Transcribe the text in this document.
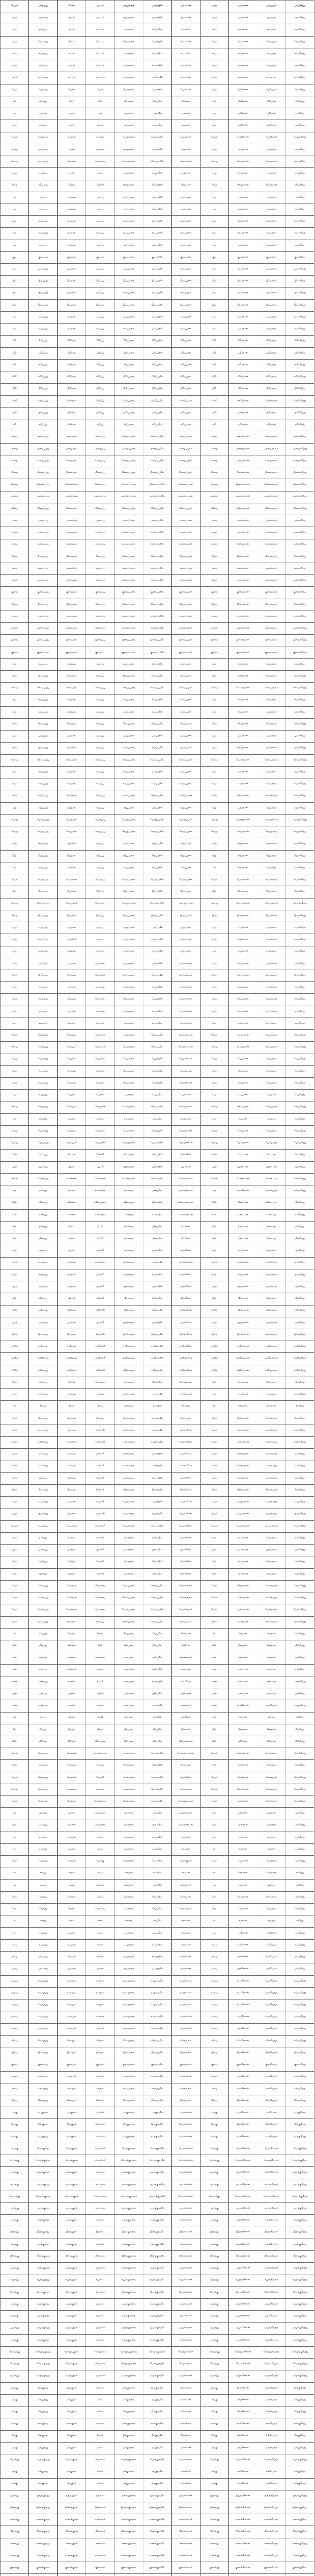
பெயர்	பாடுவது	சொல்	பாடல்	பாடுவதை	பாடுவதில்	பாடல்கள்	பாடு	பாடினான்	பாடியவர்	பாடுகிறது
ஆடு	ஆடுவது	ஆடல்	ஆட்டம்	ஆடுவதை	ஆடுவதில்	ஆடல்கள்	ஆடு	ஆடினான்	ஆடியவர்	ஆடுகிறது
ஓடு	ஓடுவது	ஓடல்	ஓட்டம்	ஓடுவதை	ஓடுவதில்	ஓடல்கள்	ஓடு	ஓடினான்	ஓடியவர்	ஓடுகிறது
தேடு	தேடுவது	தேடல்	தேட்டம்	தேடுவதை	தேடுவதில்	தேடல்கள்	தேடு	தேடினான்	தேடியவர்	தேடுகிறது
கூடு	கூடுவது	கூடல்	கூட்டம்	கூடுவதை	கூடுவதில்	கூடல்கள்	கூடு	கூடினான்	கூடியவர்	கூடுகிறது
நாடு	நாடுவது	நாடல்	நாட்டம்	நாடுவதை	நாடுவதில்	நாடல்கள்	நாடு	நாடினான்	நாடியவர்	நாடுகிறது
வாடு	வாடுவது	வாடல்	வாட்டம்	வாடுவதை	வாடுவதில்	வாடல்கள்	வாடு	வாடினான்	வாடியவர்	வாடுகிறது
பேசு	பேசுவது	பேசல்	பேச்சு	பேசுவதை	பேசுவதில்	பேசல்கள்	பேசு	பேசினான்	பேசியவர்	பேசுகிறது
வீசு	வீசுவது	வீசல்	வீச்சு	வீசுவதை	வீசுவதில்	வீசல்கள்	வீசு	வீசினான்	வீசியவர்	வீசுகிறது
பூசு	பூசுவது	பூசல்	பூச்சு	பூசுவதை	பூசுவதில்	பூசல்கள்	பூசு	பூசினான்	பூசியவர்	பூசுகிறது
கூசு	கூசுவது	கூசல்	கூச்சம்	கூசுவதை	கூசுவதில்	கூசல்கள்	கூசு	கூசினான்	கூசியவர்	கூசுகிறது
எழுது	எழுதுவது	எழுதல்	எழுத்து	எழுதுவதை	எழுதுவதில்	எழுதல்கள்	எழுது	எழுதினான்	எழுதியவர்	எழுதுகிறது
அழுது	அழுவது	அழல்	அழுகை	அழுவதை	அழுவதில்	அழல்கள்	அழு	அழுதான்	அழுதவர்	அழுகிறது
தொழு	தொழுவது	தொழல்	தொழுகை	தொழுவதை	தொழுவதில்	தொழல்கள்	தொழு	தொழுதான்	தொழுதவர்	தொழுகிறது
உழு	உழுவது	உழல்	உழவு	உழுவதை	உழுவதில்	உழல்கள்	உழு	உழுதான்	உழுதவர்	உழுகிறது
விழு	விழுவது	விழல்	வீழ்ச்சி	விழுவதை	விழுவதில்	விழல்கள்	விழு	விழுந்தான்	விழுந்தவர்	விழுகிறது
படி	படிப்பது	படித்தல்	படிப்பு	படிப்பதை	படிப்பதில்	படிப்புகள்	படி	படித்தான்	படித்தவர்	படிக்கிறது
நடி	நடிப்பது	நடித்தல்	நடிப்பு	நடிப்பதை	நடிப்பதில்	நடிப்புகள்	நடி	நடித்தான்	நடித்தவர்	நடிக்கிறது
துடி	துடிப்பது	துடித்தல்	துடிப்பு	துடிப்பதை	துடிப்பதில்	துடிப்புகள்	துடி	துடித்தான்	துடித்தவர்	துடிக்கிறது
வடி	வடிப்பது	வடித்தல்	வடிப்பு	வடிப்பதை	வடிப்பதில்	வடிப்புகள்	வடி	வடித்தான்	வடித்தவர்	வடிக்கிறது
கடி	கடிப்பது	கடித்தல்	கடிப்பு	கடிப்பதை	கடிப்பதில்	கடிப்புகள்	கடி	கடித்தான்	கடித்தவர்	கடிக்கிறது
குடி	குடிப்பது	குடித்தல்	குடிப்பு	குடிப்பதை	குடிப்பதில்	குடிப்புகள்	குடி	குடித்தான்	குடித்தவர்	குடிக்கிறது
முடி	முடிப்பது	முடித்தல்	முடிப்பு	முடிப்பதை	முடிப்பதில்	முடிப்புகள்	முடி	முடித்தான்	முடித்தவர்	முடிக்கிறது
பிடி	பிடிப்பது	பிடித்தல்	பிடிப்பு	பிடிப்பதை	பிடிப்பதில்	பிடிப்புகள்	பிடி	பிடித்தான்	பிடித்தவர்	பிடிக்கிறது
அடி	அடிப்பது	அடித்தல்	அடிப்பு	அடிப்பதை	அடிப்பதில்	அடிப்புகள்	அடி	அடித்தான்	அடித்தவர்	அடிக்கிறது
இடி	இடிப்பது	இடித்தல்	இடிப்பு	இடிப்பதை	இடிப்பதில்	இடிப்புகள்	இடி	இடித்தான்	இடித்தவர்	இடிக்கிறது
ஒடி	ஒடிப்பது	ஒடித்தல்	ஒடிப்பு	ஒடிப்பதை	ஒடிப்பதில்	ஒடிப்புகள்	ஒடி	ஒடித்தான்	ஒடித்தவர்	ஒடிக்கிறது
மடி	மடிப்பது	மடித்தல்	மடிப்பு	மடிப்பதை	மடிப்பதில்	மடிப்புகள்	மடி	மடித்தான்	மடித்தவர்	மடிக்கிறது
சிரி	சிரிப்பது	சிரித்தல்	சிரிப்பு	சிரிப்பதை	சிரிப்பதில்	சிரிப்புகள்	சிரி	சிரித்தான்	சிரித்தவர்	சிரிக்கிறது
பறி	பறிப்பது	பறித்தல்	பறிப்பு	பறிப்பதை	பறிப்பதில்	பறிப்புகள்	பறி	பறித்தான்	பறித்தவர்	பறிக்கிறது
எரி	எரிப்பது	எரித்தல்	எரிப்பு	எரிப்பதை	எரிப்பதில்	எரிப்புகள்	எரி	எரித்தான்	எரித்தவர்	எரிக்கிறது
விரி	விரிப்பது	விரித்தல்	விரிப்பு	விரிப்பதை	விரிப்பதில்	விரிப்புகள்	விரி	விரித்தான்	விரித்தவர்	விரிக்கிறது
பிரி	பிரிப்பது	பிரித்தல்	பிரிப்பு	பிரிப்பதை	பிரிப்பதில்	பிரிப்புகள்	பிரி	பிரித்தான்	பிரித்தவர்	பிரிக்கிறது
தெரி	தெரிப்பது	தெரித்தல்	தெரிப்பு	தெரிப்பதை	தெரிப்பதில்	தெரிப்புகள்	தெரி	தெரித்தான்	தெரித்தவர்	தெரிக்கிறது
அரி	அரிப்பது	அரித்தல்	அரிப்பு	அரிப்பதை	அரிப்பதில்	அரிப்புகள்	அரி	அரித்தான்	அரித்தவர்	அரிக்கிறது
கரி	கரிப்பது	கரித்தல்	கரிப்பு	கரிப்பதை	கரிப்பதில்	கரிப்புகள்	கரி	கரித்தான்	கரித்தவர்	கரிக்கிறது
சுவை	சுவைப்பது	சுவைத்தல்	சுவைப்பு	சுவைப்பதை	சுவைப்பதில்	சுவைப்புகள்	சுவை	சுவைத்தான்	சுவைத்தவர்	சுவைக்கிறது
அழை	அழைப்பது	அழைத்தல்	அழைப்பு	அழைப்பதை	அழைப்பதில்	அழைப்புகள்	அழை	அழைத்தான்	அழைத்தவர்	அழைக்கிறது
உழை	உழைப்பது	உழைத்தல்	உழைப்பு	உழைப்பதை	உழைப்பதில்	உழைப்புகள்	உழை	உழைத்தான்	உழைத்தவர்	உழைக்கிறது
நினை	நினைப்பது	நினைத்தல்	நினைப்பு	நினைப்பதை	நினைப்பதில்	நினைப்புகள்	நினை	நினைத்தான்	நினைத்தவர்	நினைக்கிறது
இணை	இணைப்பது	இணைத்தல்	இணைப்பு	இணைப்பதை	இணைப்பதில்	இணைப்புகள்	இணை	இணைத்தான்	இணைத்தவர்	இணைக்கிறது
அணை	அணைப்பது	அணைத்தல்	அணைப்பு	அணைப்பதை	அணைப்பதில்	அணைப்புகள்	அணை	அணைத்தான்	அணைத்தவர்	அணைக்கிறது
விதை	விதைப்பது	விதைத்தல்	விதைப்பு	விதைப்பதை	விதைப்பதில்	விதைப்புகள்	விதை	விதைத்தான்	விதைத்தவர்	விதைக்கிறது
புதை	புதைப்பது	புதைத்தல்	புதைப்பு	புதைப்பதை	புதைப்பதில்	புதைப்புகள்	புதை	புதைத்தான்	புதைத்தவர்	புதைக்கிறது
உதை	உதைப்பது	உதைத்தல்	உதைப்பு	உதைப்பதை	உதைப்பதில்	உதைப்புகள்	உதை	உதைத்தான்	உதைத்தவர்	உதைக்கிறது
வதை	வதைப்பது	வதைத்தல்	வதைப்பு	வதைப்பதை	வதைப்பதில்	வதைப்புகள்	வதை	வதைத்தான்	வதைத்தவர்	வதைக்கிறது
சிதை	சிதைப்பது	சிதைத்தல்	சிதைப்பு	சிதைப்பதை	சிதைப்பதில்	சிதைப்புகள்	சிதை	சிதைத்தான்	சிதைத்தவர்	சிதைக்கிறது
கதை	கதைப்பது	கதைத்தல்	கதைப்பு	கதைப்பதை	கதைப்பதில்	கதைப்புகள்	கதை	கதைத்தான்	கதைத்தவர்	கதைக்கிறது
மறை	மறைப்பது	மறைத்தல்	மறைப்பு	மறைப்பதை	மறைப்பதில்	மறைப்புகள்	மறை	மறைத்தான்	மறைத்தவர்	மறைக்கிறது
குறை	குறைப்பது	குறைத்தல்	குறைப்பு	குறைப்பதை	குறைப்பதில்	குறைப்புகள்	குறை	குறைத்தான்	குறைத்தவர்	குறைக்கிறது
நிறை	நிறைப்பது	நிறைத்தல்	நிறைப்பு	நிறைப்பதை	நிறைப்பதில்	நிறைப்புகள்	நிறை	நிறைத்தான்	நிறைத்தவர்	நிறைக்கிறது
உறை	உறைப்பது	உறைத்தல்	உறைப்பு	உறைப்பதை	உறைப்பதில்	உறைப்புகள்	உறை	உறைத்தான்	உறைத்தவர்	உறைக்கிறது
அறை	அறைப்பது	அறைத்தல்	அறைப்பு	அறைப்பதை	அறைப்பதில்	அறைப்புகள்	அறை	அறைத்தான்	அறைத்தவர்	அறைக்கிறது
துவை	துவைப்பது	துவைத்தல்	துவைப்பு	துவைப்பதை	துவைப்பதில்	துவைப்புகள்	துவை	துவைத்தான்	துவைத்தவர்	துவைக்கிறது
குவை	குவைப்பது	குவைத்தல்	குவைப்பு	குவைப்பதை	குவைப்பதில்	குவைப்புகள்	குவை	குவைத்தான்	குவைத்தவர்	குவைக்கிறது
தை	தைப்பது	தைத்தல்	தைப்பு	தைப்பதை	தைப்பதில்	தைப்புகள்	தை	தைத்தான்	தைத்தவர்	தைக்கிறது
வை	வைப்பது	வைத்தல்	வைப்பு	வைப்பதை	வைப்பதில்	வைப்புகள்	வை	வைத்தான்	வைத்தவர்	வைக்கிறது
கொடு	கொடுப்பது	கொடுத்தல்	கொடுப்பு	கொடுப்பதை	கொடுப்பதில்	கொடுப்புகள்	கொடு	கொடுத்தான்	கொடுத்தவர்	கொடுக்கிறது
எடு	எடுப்பது	எடுத்தல்	எடுப்பு	எடுப்பதை	எடுப்பதில்	எடுப்புகள்	எடு	எடுத்தான்	எடுத்தவர்	எடுக்கிறது
தடு	தடுப்பது	தடுத்தல்	தடுப்பு	தடுப்பதை	தடுப்பதில்	தடுப்புகள்	தடு	தடுத்தான்	தடுத்தவர்	தடுக்கிறது
விடு	விடுப்பது	விடுத்தல்	விடுப்பு	விடுப்பதை	விடுப்பதில்	விடுப்புகள்	விடு	விடுத்தான்	விடுத்தவர்	விடுக்கிறது
படு	படுப்பது	படுத்தல்	படுப்பு	படுப்பதை	படுப்பதில்	படுப்புகள்	படு	படுத்தான்	படுத்தவர்	படுக்கிறது
அடு	அடுப்பது	அடுத்தல்	அடுப்பு	அடுப்பதை	அடுப்பதில்	அடுப்புகள்	அடு	அடுத்தான்	அடுத்தவர்	அடுக்கிறது
தொடு	தொடுப்பது	தொடுத்தல்	தொடுப்பு	தொடுப்பதை	தொடுப்பதில்	தொடுப்புகள்	தொடு	தொடுத்தான்	தொடுத்தவர்	தொடுக்கிறது
மடு	மடுப்பது	மடுத்தல்	மடுப்பு	மடுப்பதை	மடுப்பதில்	மடுப்புகள்	மடு	மடுத்தான்	மடுத்தவர்	மடுக்கிறது
உடு	உடுப்பது	உடுத்தல்	உடுப்பு	உடுப்பதை	உடுப்பதில்	உடுப்புகள்	உடு	உடுத்தான்	உடுத்தவர்	உடுக்கிறது
கெடு	கெடுப்பது	கெடுத்தல்	கெடுப்பு	கெடுப்பதை	கெடுப்பதில்	கெடுப்புகள்	கெடு	கெடுத்தான்	கெடுத்தவர்	கெடுக்கிறது
மறு	மறுப்பது	மறுத்தல்	மறுப்பு	மறுப்பதை	மறுப்பதில்	மறுப்புகள்	மறு	மறுத்தான்	மறுத்தவர்	மறுக்கிறது
பொறு	பொறுப்பது	பொறுத்தல்	பொறுப்பு	பொறுப்பதை	பொறுப்பதில்	பொறுப்புகள்	பொறு	பொறுத்தான்	பொறுத்தவர்	பொறுக்கிறது
வெறு	வெறுப்பது	வெறுத்தல்	வெறுப்பு	வெறுப்பதை	வெறுப்பதில்	வெறுப்புகள்	வெறு	வெறுத்தான்	வெறுத்தவர்	வெறுக்கிறது
அறு	அறுப்பது	அறுத்தல்	அறுப்பு	அறுப்பதை	அறுப்பதில்	அறுப்புகள்	அறு	அறுத்தான்	அறுத்தவர்	அறுக்கிறது
நிறு	நிறுப்பது	நிறுத்தல்	நிறுப்பு	நிறுப்பதை	நிறுப்பதில்	நிறுப்புகள்	நிறு	நிறுத்தான்	நிறுத்தவர்	நிறுக்கிறது
கரு	கருப்பது	கருத்தல்	கருப்பு	கருப்பதை	கருப்பதில்	கருப்புகள்	கரு	கருத்தான்	கருத்தவர்	கருக்கிறது
பெரு	பெருப்பது	பெருத்தல்	பெருப்பு	பெருப்பதை	பெருப்பதில்	பெருப்புகள்	பெரு	பெருத்தான்	பெருத்தவர்	பெருக்கிறது
சிறு	சிறுப்பது	சிறுத்தல்	சிறுப்பு	சிறுப்பதை	சிறுப்பதில்	சிறுப்புகள்	சிறு	சிறுத்தான்	சிறுத்தவர்	சிறுக்கிறது
கொழு	கொழுப்பது	கொழுத்தல்	கொழுப்பு	கொழுப்பதை	கொழுப்பதில்	கொழுப்புகள்	கொழு	கொழுத்தான்	கொழுத்தவர்	கொழுக்கிறது
இழு	இழுப்பது	இழுத்தல்	இழுப்பு	இழுப்பதை	இழுப்பதில்	இழுப்புகள்	இழு	இழுத்தான்	இழுத்தவர்	இழுக்கிறது
பழு	பழுப்பது	பழுத்தல்	பழுப்பு	பழுப்பதை	பழுப்பதில்	பழுப்புகள்	பழு	பழுத்தான்	பழுத்தவர்	பழுக்கிறது
வழு	வழுப்பது	வழுத்தல்	வழுப்பு	வழுப்பதை	வழுப்பதில்	வழுப்புகள்	வழு	வழுத்தான்	வழுத்தவர்	வழுக்கிறது
கழு	கழுப்பது	கழுத்தல்	கழுப்பு	கழுப்பதை	கழுப்பதில்	கழுப்புகள்	கழு	கழுத்தான்	கழுத்தவர்	கழுக்கிறது
பாய்	பாய்வது	பாய்தல்	பாய்ச்சல்	பாய்வதை	பாய்வதில்	பாய்ச்சல்கள்	பாய்	பாய்ந்தான்	பாய்ந்தவர்	பாய்கிறது
மேய்	மேய்வது	மேய்தல்	மேய்ச்சல்	மேய்வதை	மேய்வதில்	மேய்ச்சல்கள்	மேய்	மேய்ந்தான்	மேய்ந்தவர்	மேய்கிறது
காய்	காய்வது	காய்தல்	காய்ச்சல்	காய்வதை	காய்வதில்	காய்ச்சல்கள்	காய்	காய்ந்தான்	காய்ந்தவர்	காய்கிறது
தேய்	தேய்வது	தேய்தல்	தேய்ச்சல்	தேய்வதை	தேய்வதில்	தேய்ச்சல்கள்	தேய்	தேய்ந்தான்	தேய்ந்தவர்	தேய்கிறது
சாய்	சாய்வது	சாய்தல்	சாய்ச்சல்	சாய்வதை	சாய்வதில்	சாய்ச்சல்கள்	சாய்	சாய்ந்தான்	சாய்ந்தவர்	சாய்கிறது
ஓய்	ஓய்வது	ஓய்தல்	ஓய்ச்சல்	ஓய்வதை	ஓய்வதில்	ஓய்ச்சல்கள்	ஓய்	ஓய்ந்தான்	ஓய்ந்தவர்	ஓய்கிறது
வேய்	வேய்வது	வேய்தல்	வேய்ச்சல்	வேய்வதை	வேய்வதில்	வேய்ச்சல்கள்	வேய்	வேய்ந்தான்	வேய்ந்தவர்	வேய்கிறது
தோய்	தோய்வது	தோய்தல்	தோய்ச்சல்	தோய்வதை	தோய்வதில்	தோய்ச்சல்கள்	தோய்	தோய்ந்தான்	தோய்ந்தவர்	தோய்கிறது
பெய்	பெய்வது	பெய்தல்	பெய்ச்சல்	பெய்வதை	பெய்வதில்	பெய்ச்சல்கள்	பெய்	பெய்தான்	பெய்தவர்	பெய்கிறது
செய்	செய்வது	செய்தல்	செய்கை	செய்வதை	செய்வதில்	செய்கைகள்	செய்	செய்தான்	செய்தவர்	செய்கிறது
நெய்	நெய்வது	நெய்தல்	நெய்கை	நெய்வதை	நெய்வதில்	நெய்கைகள்	நெய்	நெய்தான்	நெய்தவர்	நெய்கிறது
உய்	உய்வது	உய்தல்	உய்கை	உய்வதை	உய்வதில்	உய்கைகள்	உய்	உய்தான்	உய்தவர்	உய்கிறது
கொய்	கொய்வது	கொய்தல்	கொய்கை	கொய்வதை	கொய்வதில்	கொய்கைகள்	கொய்	கொய்தான்	கொய்தவர்	கொய்கிறது
எய்	எய்வது	எய்தல்	எய்கை	எய்வதை	எய்வதில்	எய்கைகள்	எய்	எய்தான்	எய்தவர்	எய்கிறது
மெய்	மெய்வது	மெய்தல்	மெய்கை	மெய்வதை	மெய்வதில்	மெய்கைகள்	மெய்	மெய்தான்	மெய்தவர்	மெய்கிறது
பொய்	பொய்வது	பொய்தல்	பொய்கை	பொய்வதை	பொய்வதில்	பொய்கைகள்	பொய்	பொய்தான்	பொய்தவர்	பொய்கிறது
கேள்	கேட்பது	கேட்டல்	கேள்வி	கேட்பதை	கேட்பதில்	கேள்விகள்	கேள்	கேட்டான்	கேட்டவர்	கேட்கிறது
ஆள்	ஆள்வது	ஆளல்	ஆட்சி	ஆள்வதை	ஆள்வதில்	ஆட்சிகள்	ஆள்	ஆண்டான்	ஆண்டவர்	ஆள்கிறது
கொள்	கொள்வது	கொள்ளல்	கொள்கை	கொள்வதை	கொள்வதில்	கொள்கைகள்	கொள்	கொண்டான்	கொண்டவர்	கொள்கிறது
தள்	தள்வது	தள்ளல்	தள்ளுகை	தள்வதை	தள்வதில்	தள்ளுகைகள்	தள்	தள்ளினான்	தள்ளியவர்	தள்ளுகிறது
விள்	விள்வது	விள்ளல்	விள்ளுகை	விள்வதை	விள்வதில்	விள்ளுகைகள்	விள்	விண்டான்	விண்டவர்	விள்கிறது
உள்	உள்வது	உள்ளல்	உள்ளுகை	உள்வதை	உள்வதில்	உள்ளுகைகள்	உள்	உண்டான்	உண்டவர்	உள்கிறது
நீள்	நீள்வது	நீளல்	நீட்சி	நீள்வதை	நீள்வதில்	நீட்சிகள்	நீள்	நீண்டான்	நீண்டவர்	நீள்கிறது
மீள்	மீள்வது	மீளல்	மீட்சி	மீள்வதை	மீள்வதில்	மீட்சிகள்	மீள்	மீண்டான்	மீண்டவர்	மீள்கிறது
சூழ்	சூழ்வது	சூழல்	சூழ்ச்சி	சூழ்வதை	சூழ்வதில்	சூழ்ச்சிகள்	சூழ்	சூழ்ந்தான்	சூழ்ந்தவர்	சூழ்கிறது
வாழ்	வாழ்வது	வாழ்தல்	வாழ்க்கை	வாழ்வதை	வாழ்வதில்	வாழ்க்கைகள்	வாழ்	வாழ்ந்தான்	வாழ்ந்தவர்	வாழ்கிறது
தாழ்	தாழ்வது	தாழ்தல்	தாழ்ச்சி	தாழ்வதை	தாழ்வதில்	தாழ்ச்சிகள்	தாழ்	தாழ்ந்தான்	தாழ்ந்தவர்	தாழ்கிறது
ஆழ்	ஆழ்வது	ஆழ்தல்	ஆழ்ச்சி	ஆழ்வதை	ஆழ்வதில்	ஆழ்ச்சிகள்	ஆழ்	ஆழ்ந்தான்	ஆழ்ந்தவர்	ஆழ்கிறது
வீழ்	வீழ்வது	வீழ்தல்	வீழ்ச்சி	வீழ்வதை	வீழ்வதில்	வீழ்ச்சிகள்	வீழ்	வீழ்ந்தான்	வீழ்ந்தவர்	வீழ்கிறது
மகிழ்	மகிழ்வது	மகிழ்தல்	மகிழ்ச்சி	மகிழ்வதை	மகிழ்வதில்	மகிழ்ச்சிகள்	மகிழ்	மகிழ்ந்தான்	மகிழ்ந்தவர்	மகிழ்கிறது
புகழ்	புகழ்வது	புகழ்தல்	புகழ்ச்சி	புகழ்வதை	புகழ்வதில்	புகழ்ச்சிகள்	புகழ்	புகழ்ந்தான்	புகழ்ந்தவர்	புகழ்கிறது
இகழ்	இகழ்வது	இகழ்தல்	இகழ்ச்சி	இகழ்வதை	இகழ்வதில்	இகழ்ச்சிகள்	இகழ்	இகழ்ந்தான்	இகழ்ந்தவர்	இகழ்கிறது
உமிழ்	உமிழ்வது	உமிழ்தல்	உமிழ்ச்சி	உமிழ்வதை	உமிழ்வதில்	உமிழ்ச்சிகள்	உமிழ்	உமிழ்ந்தான்	உமிழ்ந்தவர்	உமிழ்கிறது
அவிழ்	அவிழ்வது	அவிழ்தல்	அவிழ்ச்சி	அவிழ்வதை	அவிழ்வதில்	அவிழ்ச்சிகள்	அவிழ்	அவிழ்ந்தான்	அவிழ்ந்தவர்	அவிழ்கிறது
கவிழ்	கவிழ்வது	கவிழ்தல்	கவிழ்ச்சி	கவிழ்வதை	கவிழ்வதில்	கவிழ்ச்சிகள்	கவிழ்	கவிழ்ந்தான்	கவிழ்ந்தவர்	கவிழ்கிறது
சேர்	சேர்வது	சேர்தல்	சேர்க்கை	சேர்வதை	சேர்வதில்	சேர்க்கைகள்	சேர்	சேர்ந்தான்	சேர்ந்தவர்	சேர்கிறது
பார்	பார்ப்பது	பார்த்தல்	பார்வை	பார்ப்பதை	பார்ப்பதில்	பார்வைகள்	பார்	பார்த்தான்	பார்த்தவர்	பார்க்கிறது
தீர்	தீர்வது	தீர்தல்	தீர்வு	தீர்வதை	தீர்வதில்	தீர்வுகள்	தீர்	தீர்ந்தான்	தீர்ந்தவர்	தீர்கிறது
சோர்	சோர்வது	சோர்தல்	சோர்வு	சோர்வதை	சோர்வதில்	சோர்வுகள்	சோர்	சோர்ந்தான்	சோர்ந்தவர்	சோர்கிறது
வளர்	வளர்வது	வளர்தல்	வளர்ச்சி	வளர்வதை	வளர்வதில்	வளர்ச்சிகள்	வளர்	வளர்ந்தான்	வளர்ந்தவர்	வளர்கிறது
உணர்	உணர்வது	உணர்தல்	உணர்ச்சி	உணர்வதை	உணர்வதில்	உணர்ச்சிகள்	உணர்	உணர்ந்தான்	உணர்ந்தவர்	உணர்கிறது
மலர்	மலர்வது	மலர்தல்	மலர்ச்சி	மலர்வதை	மலர்வதில்	மலர்ச்சிகள்	மலர்	மலர்ந்தான்	மலர்ந்தவர்	மலர்கிறது
உலர்	உலர்வது	உலர்தல்	உலர்ச்சி	உலர்வதை	உலர்வதில்	உலர்ச்சிகள்	உலர்	உலர்ந்தான்	உலர்ந்தவர்	உலர்கிறது
தளர்	தளர்வது	தளர்தல்	தளர்ச்சி	தளர்வதை	தளர்வதில்	தளர்ச்சிகள்	தளர்	தளர்ந்தான்	தளர்ந்தவர்	தளர்கிறது
கிளர்	கிளர்வது	கிளர்தல்	கிளர்ச்சி	கிளர்வதை	கிளர்வதில்	கிளர்ச்சிகள்	கிளர்	கிளர்ந்தான்	கிளர்ந்தவர்	கிளர்கிறது
உயர்	உயர்வது	உயர்தல்	உயர்ச்சி	உயர்வதை	உயர்வதில்	உயர்ச்சிகள்	உயர்	உயர்ந்தான்	உயர்ந்தவர்	உயர்கிறது
அயர்	அயர்வது	அயர்தல்	அயர்ச்சி	அயர்வதை	அயர்வதில்	அயர்ச்சிகள்	அயர்	அயர்ந்தான்	அயர்ந்தவர்	அயர்கிறது
பெயர்	பெயர்வது	பெயர்தல்	பெயர்ச்சி	பெயர்வதை	பெயர்வதில்	பெயர்ச்சிகள்	பெயர்	பெயர்ந்தான்	பெயர்ந்தவர்	பெயர்கிறது
நகர்	நகர்வது	நகர்தல்	நகர்ச்சி	நகர்வதை	நகர்வதில்	நகர்ச்சிகள்	நகர்	நகர்ந்தான்	நகர்ந்தவர்	நகர்கிறது
புகர்	புகர்வது	புகர்தல்	புகர்ச்சி	புகர்வதை	புகர்வதில்	புகர்ச்சிகள்	புகர்	புகர்ந்தான்	புகர்ந்தவர்	புகர்கிறது
நேர்	நேர்வது	நேர்தல்	நேர்ச்சி	நேர்வதை	நேர்வதில்	நேர்ச்சிகள்	நேர்	நேர்ந்தான்	நேர்ந்தவர்	நேர்கிறது
ஊர்	ஊர்வது	ஊர்தல்	ஊர்ச்சி	ஊர்வதை	ஊர்வதில்	ஊர்ச்சிகள்	ஊர்	ஊர்ந்தான்	ஊர்ந்தவர்	ஊர்கிறது
வேர்	வேர்ப்பது	வேர்த்தல்	வேர்வை	வேர்ப்பதை	வேர்ப்பதில்	வேர்வைகள்	வேர்	வேர்த்தான்	வேர்த்தவர்	வேர்க்கிறது
கோர்	கோர்ப்பது	கோர்த்தல்	கோர்வை	கோர்ப்பதை	கோர்ப்பதில்	கோர்வைகள்	கோர்	கோர்த்தான்	கோர்த்தவர்	கோர்க்கிறது
போர்	போர்ப்பது	போர்த்தல்	போர்வை	போர்ப்பதை	போர்ப்பதில்	போர்வைகள்	போர்	போர்த்தான்	போர்த்தவர்	போர்க்கிறது
வார்	வார்ப்பது	வார்த்தல்	வார்ப்பு	வார்ப்பதை	வார்ப்பதில்	வார்ப்புகள்	வார்	வார்த்தான்	வார்த்தவர்	வார்க்கிறது
சீர்	சீர்ப்பது	சீர்த்தல்	சீர்மை	சீர்ப்பதை	சீர்ப்பதில்	சீர்மைகள்	சீர்	சீர்த்தான்	சீர்த்தவர்	சீர்க்கிறது
தின்	தின்பது	தின்னல்	தீனி	தின்பதை	தின்பதில்	தீனிகள்	தின்	தின்றான்	தின்றவர்	தின்கிறது
என்	என்பது	என்னல்	எண்ணம்	என்பதை	என்பதில்	எண்ணங்கள்	என்	என்றான்	என்றவர்	என்கிறது
உண்	உண்பது	உண்ணல்	உணவு	உண்பதை	உண்பதில்	உணவுகள்	உண்	உண்டான்	உண்டவர்	உண்கிறது
காண்	காண்பது	காணல்	காட்சி	காண்பதை	காண்பதில்	காட்சிகள்	காண்	கண்டான்	கண்டவர்	காண்கிறது
பூண்	பூண்பது	பூணல்	பூண்டு	பூண்பதை	பூண்பதில்	பூண்டுகள்	பூண்	பூண்டான்	பூண்டவர்	பூண்கிறது
நாண்	நாண்பது	நாணல்	நாணம்	நாண்பதை	நாண்பதில்	நாணங்கள்	நாண்	நாணினான்	நாணியவர்	நாணுகிறது
கல்	கற்பது	கற்றல்	கல்வி	கற்பதை	கற்பதில்	கல்விகள்	கல்	கற்றான்	கற்றவர்	கற்கிறது
நில்	நிற்பது	நிற்றல்	நிலை	நிற்பதை	நிற்பதில்	நிலைகள்	நில்	நின்றான்	நின்றவர்	நிற்கிறது
வில்	விற்பது	விற்றல்	விற்பனை	விற்பதை	விற்பதில்	விற்பனைகள்	வில்	விற்றான்	விற்றவர்	விற்கிறது
சொல்	சொல்வது	சொல்லல்	சொல்லாடல்	சொல்வதை	சொல்வதில்	சொல்லாடல்கள்	சொல்	சொன்னான்	சொன்னவர்	சொல்கிறது
செல்	செல்வது	செல்லல்	செலவு	செல்வதை	செல்வதில்	செலவுகள்	செல்	சென்றான்	சென்றவர்	செல்கிறது
வெல்	வெல்வது	வெல்லல்	வெற்றி	வெல்வதை	வெல்வதில்	வெற்றிகள்	வெல்	வென்றான்	வென்றவர்	வெல்கிறது
கொல்	கொல்வது	கொல்லல்	கொலை	கொல்வதை	கொல்வதில்	கொலைகள்	கொல்	கொன்றான்	கொன்றவர்	கொல்கிறது
மெல்	மெல்வது	மெல்லல்	மெல்லுகை	மெல்வதை	மெல்வதில்	மெல்லுகைகள்	மெல்	மென்றான்	மென்றவர்	மெல்கிறது
புல்	புல்வது	புல்லல்	புல்லுகை	புல்வதை	புல்வதில்	புல்லுகைகள்	புல்	புன்றான்	புன்றவர்	புல்கிறது
அல்	அல்வது	அல்லல்	அல்லுகை	அல்வதை	அல்வதில்	அல்லுகைகள்	அல்	அன்றான்	அன்றவர்	அல்கிறது
வா	வருவது	வருதல்	வரவு	வருவதை	வருவதில்	வரவுகள்	வா	வந்தான்	வந்தவர்	வருகிறது
தா	தருவது	தருதல்	தரவு	தருவதை	தருவதில்	தரவுகள்	தா	தந்தான்	தந்தவர்	தருகிறது
போ	போவது	போதல்	போக்கு	போவதை	போவதில்	போக்குகள்	போ	போனான்	போனவர்	போகிறது
சா	சாவது	சாதல்	சாவு	சாவதை	சாவதில்	சாவுகள்	சா	செத்தான்	செத்தவர்	சாகிறது
ஆ	ஆவது	ஆதல்	ஆக்கம்	ஆவதை	ஆவதில்	ஆக்கங்கள்	ஆ	ஆனான்	ஆனவர்	ஆகிறது
நோ	நோவது	நோதல்	நோவு	நோவதை	நோவதில்	நோவுகள்	நோ	நொந்தான்	நொந்தவர்	நோகிறது
வே	வேவது	வேதல்	வேக்காடு	வேவதை	வேவதில்	வேக்காடுகள்	வே	வெந்தான்	வெந்தவர்	வேகிறது
ஈ	ஈவது	ஈதல்	ஈகை	ஈவதை	ஈவதில்	ஈகைகள்	ஈ	ஈந்தான்	ஈந்தவர்	ஈகிறது
ஏ	ஏவுவது	ஏவுதல்	ஏவல்	ஏவுவதை	ஏவுவதில்	ஏவல்கள்	ஏவு	ஏவினான்	ஏவியவர்	ஏவுகிறது
கூவு	கூவுவது	கூவுதல்	கூவல்	கூவுவதை	கூவுவதில்	கூவல்கள்	கூவு	கூவினான்	கூவியவர்	கூவுகிறது
தாவு	தாவுவது	தாவுதல்	தாவல்	தாவுவதை	தாவுவதில்	தாவல்கள்	தாவு	தாவினான்	தாவியவர்	தாவுகிறது
பரவு	பரவுவது	பரவுதல்	பரவல்	பரவுவதை	பரவுவதில்	பரவல்கள்	பரவு	பரவினான்	பரவியவர்	பரவுகிறது
தழுவு	தழுவுவது	தழுவுதல்	தழுவல்	தழுவுவதை	தழுவுவதில்	தழுவல்கள்	தழுவு	தழுவினான்	தழுவியவர்	தழுவுகிறது
நழுவு	நழுவுவது	நழுவுதல்	நழுவல்	நழுவுவதை	நழுவுவதில்	நழுவல்கள்	நழுவு	நழுவினான்	நழுவியவர்	நழுவுகிறது
கழுவு	கழுவுவது	கழுவுதல்	கழுவல்	கழுவுவதை	கழுவுவதில்	கழுவல்கள்	கழுவு	கழுவினான்	கழுவியவர்	கழுவுகிறது
உருவு	உருவுவது	உருவுதல்	உருவல்	உருவுவதை	உருவுவதில்	உருவல்கள்	உருவு	உருவினான்	உருவியவர்	உருவுகிறது
மருவு	மருவுவது	மருவுதல்	மருவல்	மருவுவதை	மருவுவதில்	மருவல்கள்	மருவு	மருவினான்	மருவியவர்	மருவுகிறது
விரவு	விரவுவது	விரவுதல்	விரவல்	விரவுவதை	விரவுவதில்	விரவல்கள்	விரவு	விரவினான்	விரவியவர்	விரவுகிறது
இரவு	இரவுவது	இரவுதல்	இரவல்	இரவுவதை	இரவுவதில்	இரவல்கள்	இரவு	இரவினான்	இரவியவர்	இரவுகிறது
குலவு	குலவுவது	குலவுதல்	குலவல்	குலவுவதை	குலவுவதில்	குலவல்கள்	குலவு	குலவினான்	குலவியவர்	குலவுகிறது
உலவு	உலவுவது	உலவுதல்	உலவல்	உலவுவதை	உலவுவதில்	உலவல்கள்	உலவு	உலவினான்	உலவியவர்	உலவுகிறது
கலவு	கலவுவது	கலவுதல்	கலவல்	கலவுவதை	கலவுவதில்	கலவல்கள்	கலவு	கலவினான்	கலவியவர்	கலவுகிறது
நிலவு	நிலவுவது	நிலவுதல்	நிலவல்	நிலவுவதை	நிலவுவதில்	நிலவல்கள்	நிலவு	நிலவினான்	நிலவியவர்	நிலவுகிறது
பழகு	பழகுவது	பழகுதல்	பழக்கம்	பழகுவதை	பழகுவதில்	பழக்கங்கள்	பழகு	பழகினான்	பழகியவர்	பழகுகிறது
இளகு	இளகுவது	இளகுதல்	இளக்கம்	இளகுவதை	இளகுவதில்	இளக்கங்கள்	இளகு	இளகினான்	இளகியவர்	இளகுகிறது
உருகு	உருகுவது	உருகுதல்	உருக்கம்	உருகுவதை	உருகுவதில்	உருக்கங்கள்	உருகு	உருகினான்	உருகியவர்	உருகுகிறது
பெருகு	பெருகுவது	பெருகுதல்	பெருக்கம்	பெருகுவதை	பெருகுவதில்	பெருக்கங்கள்	பெருகு	பெருகினான்	பெருகியவர்	பெருகுகிறது
நெருங்கு	நெருங்குவது	நெருங்குதல்	நெருக்கம்	நெருங்குவதை	நெருங்குவதில்	நெருக்கங்கள்	நெருங்கு	நெருங்கினான்	நெருங்கியவர்	நெருங்குகிறது
ஒதுங்கு	ஒதுங்குவது	ஒதுங்குதல்	ஒதுக்கம்	ஒதுங்குவதை	ஒதுங்குவதில்	ஒதுக்கங்கள்	ஒதுங்கு	ஒதுங்கினான்	ஒதுங்கியவர்	ஒதுங்குகிறது
அடங்கு	அடங்குவது	அடங்குதல்	அடக்கம்	அடங்குவதை	அடங்குவதில்	அடக்கங்கள்	அடங்கு	அடங்கினான்	அடங்கியவர்	அடங்குகிறது
தொடங்கு	தொடங்குவது	தொடங்குதல்	தொடக்கம்	தொடங்குவதை	தொடங்குவதில்	தொடக்கங்கள்	தொடங்கு	தொடங்கினான்	தொடங்கியவர்	தொடங்குகிறது
முடங்கு	முடங்குவது	முடங்குதல்	முடக்கம்	முடங்குவதை	முடங்குவதில்	முடக்கங்கள்	முடங்கு	முடங்கினான்	முடங்கியவர்	முடங்குகிறது
உறங்கு	உறங்குவது	உறங்குதல்	உறக்கம்	உறங்குவதை	உறங்குவதில்	உறக்கங்கள்	உறங்கு	உறங்கினான்	உறங்கியவர்	உறங்குகிறது
இறங்கு	இறங்குவது	இறங்குதல்	இறக்கம்	இறங்குவதை	இறங்குவதில்	இறக்கங்கள்	இறங்கு	இறங்கினான்	இறங்கியவர்	இறங்குகிறது
கலங்கு	கலங்குவது	கலங்குதல்	கலக்கம்	கலங்குவதை	கலங்குவதில்	கலக்கங்கள்	கலங்கு	கலங்கினான்	கலங்கியவர்	கலங்குகிறது
விளங்கு	விளங்குவது	விளங்குதல்	விளக்கம்	விளங்குவதை	விளங்குவதில்	விளக்கங்கள்	விளங்கு	விளங்கினான்	விளங்கியவர்	விளங்குகிறது
முழங்கு	முழங்குவது	முழங்குதல்	முழக்கம்	முழங்குவதை	முழங்குவதில்	முழக்கங்கள்	முழங்கு	முழங்கினான்	முழங்கியவர்	முழங்குகிறது
வழங்கு	வழங்குவது	வழங்குதல்	வழக்கம்	வழங்குவதை	வழங்குவதில்	வழக்கங்கள்	வழங்கு	வழங்கினான்	வழங்கியவர்	வழங்குகிறது
இயங்கு	இயங்குவது	இயங்குதல்	இயக்கம்	இயங்குவதை	இயங்குவதில்	இயக்கங்கள்	இயங்கு	இயங்கினான்	இயங்கியவர்	இயங்குகிறது
மயங்கு	மயங்குவது	மயங்குதல்	மயக்கம்	மயங்குவதை	மயங்குவதில்	மயக்கங்கள்	மயங்கு	மயங்கினான்	மயங்கியவர்	மயங்குகிறது
தயங்கு	தயங்குவது	தயங்குதல்	தயக்கம்	தயங்குவதை	தயங்குவதில்	தயக்கங்கள்	தயங்கு	தயங்கினான்	தயங்கியவர்	தயங்குகிறது
முயங்கு	முயங்குவது	முயங்குதல்	முயக்கம்	முயங்குவதை	முயங்குவதில்	முயக்கங்கள்	முயங்கு	முயங்கினான்	முயங்கியவர்	முயங்குகிறது
சுருங்கு	சுருங்குவது	சுருங்குதல்	சுருக்கம்	சுருங்குவதை	சுருங்குவதில்	சுருக்கங்கள்	சுருங்கு	சுருங்கினான்	சுருங்கியவர்	சுருங்குகிறது
நொறுங்கு	நொறுங்குவது	நொறுங்குதல்	நொறுக்கம்	நொறுங்குவதை	நொறுங்குவதில்	நொறுக்கங்கள்	நொறுங்கு	நொறுங்கினான்	நொறுங்கியவர்	நொறுங்குகிறது
விழுங்கு	விழுங்குவது	விழுங்குதல்	விழுக்கம்	விழுங்குவதை	விழுங்குவதில்	விழுக்கங்கள்	விழுங்கு	விழுங்கினான்	விழுங்கியவர்	விழுங்குகிறது
ஒழுங்கு	ஒழுங்குவது	ஒழுங்குதல்	ஒழுக்கம்	ஒழுங்குவதை	ஒழுங்குவதில்	ஒழுக்கங்கள்	ஒழுங்கு	ஒழுங்கினான்	ஒழுங்கியவர்	ஒழுங்குகிறது
தூங்கு	தூங்குவது	தூங்குதல்	தூக்கம்	தூங்குவதை	தூங்குவதில்	தூக்கங்கள்	தூங்கு	தூங்கினான்	தூங்கியவர்	தூங்குகிறது
ஏங்கு	ஏங்குவது	ஏங்குதல்	ஏக்கம்	ஏங்குவதை	ஏங்குவதில்	ஏக்கங்கள்	ஏங்கு	ஏங்கினான்	ஏங்கியவர்	ஏங்குகிறது
வீங்கு	வீங்குவது	வீங்குதல்	வீக்கம்	வீங்குவதை	வீங்குவதில்	வீக்கங்கள்	வீங்கு	வீங்கினான்	வீங்கியவர்	வீங்குகிறது
தாங்கு	தாங்குவது	தாங்குதல்	தாக்கம்	தாங்குவதை	தாங்குவதில்	தாக்கங்கள்	தாங்கு	தாங்கினான்	தாங்கியவர்	தாங்குகிறது
நீங்கு	நீங்குவது	நீங்குதல்	நீக்கம்	நீங்குவதை	நீங்குவதில்	நீக்கங்கள்	நீங்கு	நீங்கினான்	நீங்கியவர்	நீங்குகிறது
ஓங்கு	ஓங்குவது	ஓங்குதல்	ஓக்கம்	ஓங்குவதை	ஓங்குவதில்	ஓக்கங்கள்	ஓங்கு	ஓங்கினான்	ஓங்கியவர்	ஓங்குகிறது
பொங்கு	பொங்குவது	பொங்குதல்	பொக்கம்	பொங்குவதை	பொங்குவதில்	பொக்கங்கள்	பொங்கு	பொங்கினான்	பொங்கியவர்	பொங்குகிறது
தங்கு	தங்குவது	தங்குதல்	தக்கம்	தங்குவதை	தங்குவதில்	தக்கங்கள்	தங்கு	தங்கினான்	தங்கியவர்	தங்குகிறது
மங்கு	மங்குவது	மங்குதல்	மக்கம்	மங்குவதை	மங்குவதில்	மக்கங்கள்	மங்கு	மங்கினான்	மங்கியவர்	மங்குகிறது
துவங்கு	துவங்குவது	துவங்குதல்	துவக்கம்	துவங்குவதை	துவங்குவதில்	துவக்கங்கள்	துவங்கு	துவங்கினான்	துவங்கியவர்	துவங்குகிறது
இணங்கு	இணங்குவது	இணங்குதல்	இணக்கம்	இணங்குவதை	இணங்குவதில்	இணக்கங்கள்	இணங்கு	இணங்கினான்	இணங்கியவர்	இணங்குகிறது
வணங்கு	வணங்குவது	வணங்குதல்	வணக்கம்	வணங்குவதை	வணங்குவதில்	வணக்கங்கள்	வணங்கு	வணங்கினான்	வணங்கியவர்	வணங்குகிறது
பிணங்கு	பிணங்குவது	பிணங்குதல்	பிணக்கம்	பிணங்குவதை	பிணங்குவதில்	பிணக்கங்கள்	பிணங்கு	பிணங்கினான்	பிணங்கியவர்	பிணங்குகிறது
சுணங்கு	சுணங்குவது	சுணங்குதல்	சுணக்கம்	சுணங்குவதை	சுணங்குவதில்	சுணக்கங்கள்	சுணங்கு	சுணங்கினான்	சுணங்கியவர்	சுணங்குகிறது
உணங்கு	உணங்குவது	உணங்குதல்	உணக்கம்	உணங்குவதை	உணங்குவதில்	உணக்கங்கள்	உணங்கு	உணங்கினான்	உணங்கியவர்	உணங்குகிறது
குணங்கு	குணங்குவது	குணங்குதல்	குணக்கம்	குணங்குவதை	குணங்குவதில்	குணக்கங்கள்	குணங்கு	குணங்கினான்	குணங்கியவர்	குணங்குகிறது
